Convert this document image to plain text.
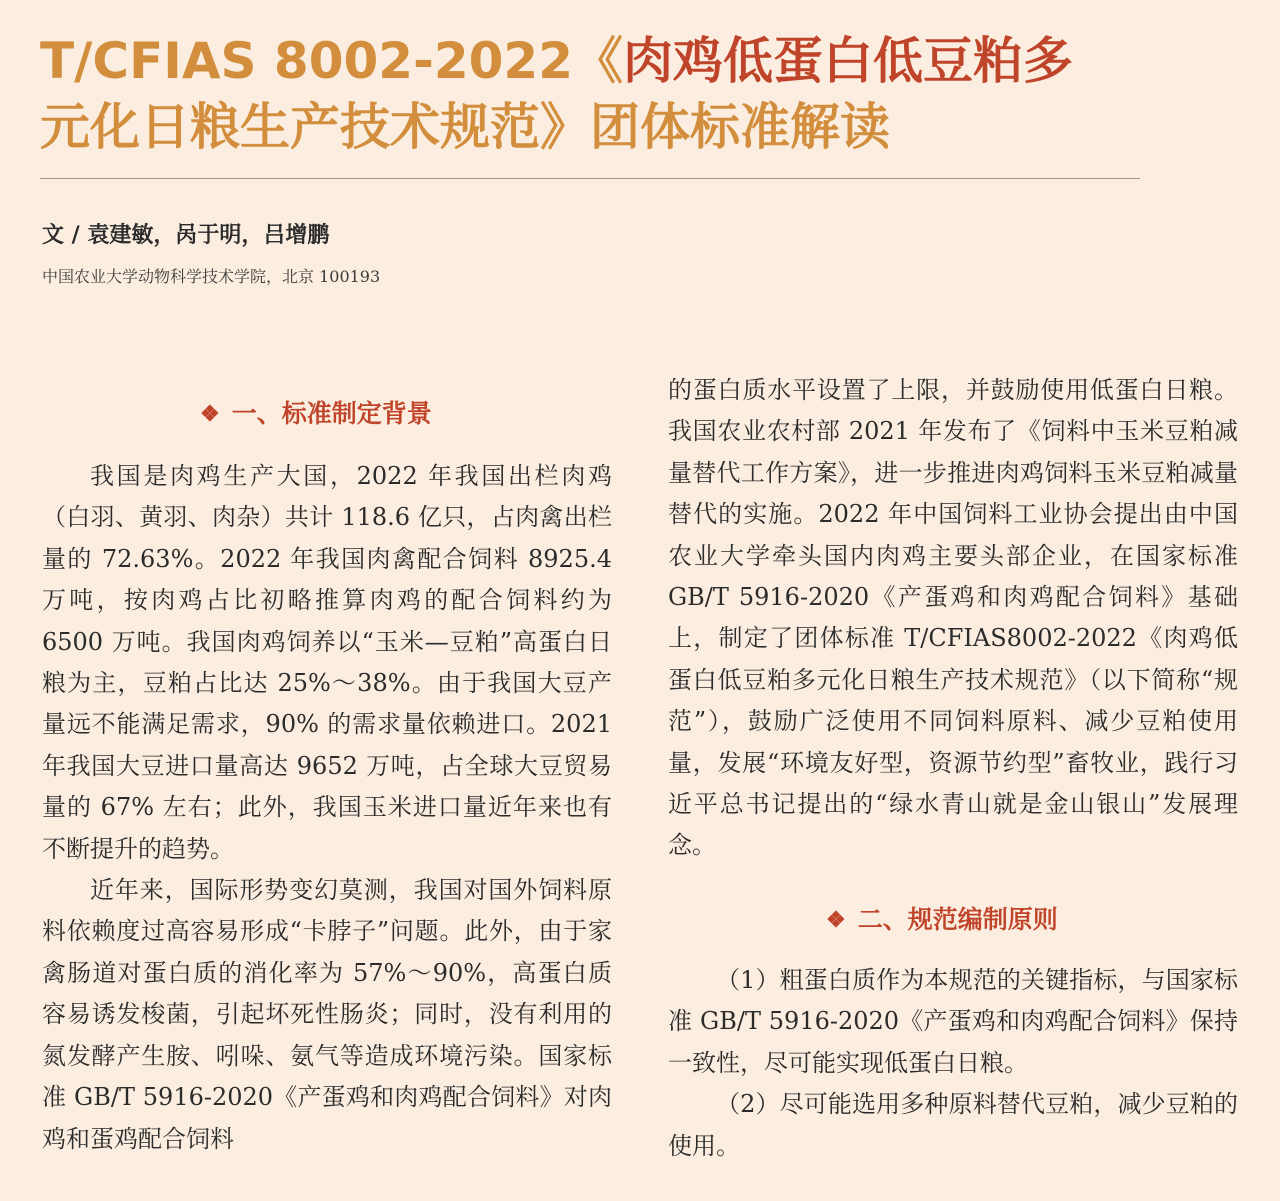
T/CFIAS 8002-2022《肉鸡低蛋白低豆粕多
元化日粮生产技术规范》团体标准解读
文 / 袁建敏，呙于明，吕增鹏
中国农业大学动物科学技术学院，北京 100193
❖ 一、标准制定背景

我国是肉鸡生产大国，2022 年我国出栏肉鸡（白羽、黄羽、肉杂）共计 118.6 亿只，占肉禽出栏量的 72.63%。2022 年我国肉禽配合饲料 8925.4 万吨，按肉鸡占比初略推算肉鸡的配合饲料约为 6500 万吨。我国肉鸡饲养以“玉米—豆粕”高蛋白日粮为主，豆粕占比达 25%～38%。由于我国大豆产量远不能满足需求，90% 的需求量依赖进口。2021 年我国大豆进口量高达 9652 万吨，占全球大豆贸易量的 67% 左右；此外，我国玉米进口量近年来也有不断提升的趋势。

近年来，国际形势变幻莫测，我国对国外饲料原料依赖度过高容易形成“卡脖子”问题。此外，由于家禽肠道对蛋白质的消化率为 57%～90%，高蛋白质容易诱发梭菌，引起坏死性肠炎；同时，没有利用的氮发酵产生胺、吲哚、氨气等造成环境污染。国家标准 GB/T 5916-2020《产蛋鸡和肉鸡配合饲料》对肉鸡和蛋鸡配合饲料

的蛋白质水平设置了上限，并鼓励使用低蛋白日粮。我国农业农村部 2021 年发布了《饲料中玉米豆粕减量替代工作方案》，进一步推进肉鸡饲料玉米豆粕减量替代的实施。2022 年中国饲料工业协会提出由中国农业大学牵头国内肉鸡主要头部企业，在国家标准 GB/T 5916-2020《产蛋鸡和肉鸡配合饲料》基础上，制定了团体标准 T/CFIAS8002-2022《肉鸡低蛋白低豆粕多元化日粮生产技术规范》（以下简称“规范”），鼓励广泛使用不同饲料原料、减少豆粕使用量，发展“环境友好型，资源节约型”畜牧业，践行习近平总书记提出的“绿水青山就是金山银山”发展理念。

❖ 二、规范编制原则

（1）粗蛋白质作为本规范的关键指标，与国家标准 GB/T 5916-2020《产蛋鸡和肉鸡配合饲料》保持一致性，尽可能实现低蛋白日粮。

（2）尽可能选用多种原料替代豆粕，减少豆粕的使用。
